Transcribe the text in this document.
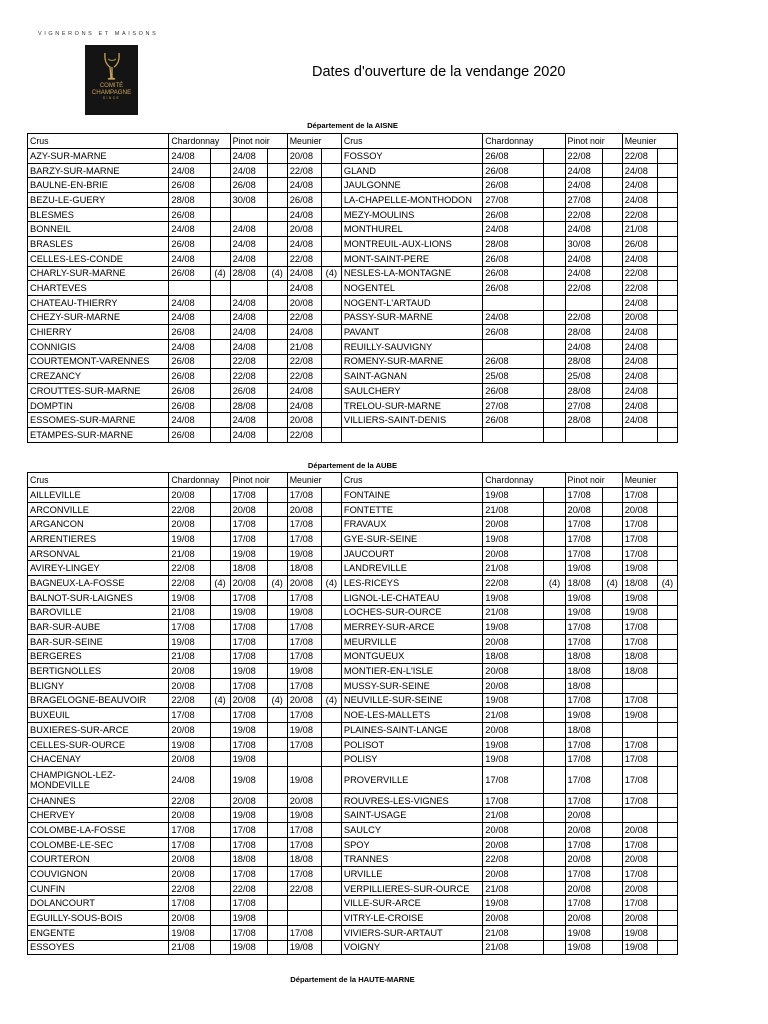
VIGNERONS ET MAISONS
COMITÉ
CHAMPAGNE
SINCE
Dates d'ouverture de la vendange 2020
Département de la AISNE
Crus	Chardonnay		Pinot noir		Meunier		Crus	Chardonnay		Pinot noir		Meunier	
AZY-SUR-MARNE	24/08		24/08		20/08		FOSSOY	26/08		22/08		22/08	
BARZY-SUR-MARNE	24/08		24/08		22/08		GLAND	26/08		24/08		24/08	
BAULNE-EN-BRIE	26/08		26/08		24/08		JAULGONNE	26/08		24/08		24/08	
BEZU-LE-GUERY	28/08		30/08		26/08		LA-CHAPELLE-MONTHODON	27/08		27/08		24/08	
BLESMES	26/08				24/08		MEZY-MOULINS	26/08		22/08		22/08	
BONNEIL	24/08		24/08		20/08		MONTHUREL	24/08		24/08		21/08	
BRASLES	26/08		24/08		24/08		MONTREUIL-AUX-LIONS	28/08		30/08		26/08	
CELLES-LES-CONDE	24/08		24/08		22/08		MONT-SAINT-PERE	26/08		24/08		24/08	
CHARLY-SUR-MARNE	26/08	(4)	28/08	(4)	24/08	(4)	NESLES-LA-MONTAGNE	26/08		24/08		22/08	
CHARTEVES					24/08		NOGENTEL	26/08		22/08		22/08	
CHATEAU-THIERRY	24/08		24/08		20/08		NOGENT-L'ARTAUD					24/08	
CHEZY-SUR-MARNE	24/08		24/08		22/08		PASSY-SUR-MARNE	24/08		22/08		20/08	
CHIERRY	26/08		24/08		24/08		PAVANT	26/08		28/08		24/08	
CONNIGIS	24/08		24/08		21/08		REUILLY-SAUVIGNY			24/08		24/08	
COURTEMONT-VARENNES	26/08		22/08		22/08		ROMENY-SUR-MARNE	26/08		28/08		24/08	
CREZANCY	26/08		22/08		22/08		SAINT-AGNAN	25/08		25/08		24/08	
CROUTTES-SUR-MARNE	26/08		26/08		24/08		SAULCHERY	26/08		28/08		24/08	
DOMPTIN	26/08		28/08		24/08		TRELOU-SUR-MARNE	27/08		27/08		24/08	
ESSOMES-SUR-MARNE	24/08		24/08		20/08		VILLIERS-SAINT-DENIS	26/08		28/08		24/08	
ETAMPES-SUR-MARNE	26/08		24/08		22/08								
Département de la AUBE
Crus	Chardonnay		Pinot noir		Meunier		Crus	Chardonnay		Pinot noir		Meunier	
AILLEVILLE	20/08		17/08		17/08		FONTAINE	19/08		17/08		17/08	
ARCONVILLE	22/08		20/08		20/08		FONTETTE	21/08		20/08		20/08	
ARGANCON	20/08		17/08		17/08		FRAVAUX	20/08		17/08		17/08	
ARRENTIERES	19/08		17/08		17/08		GYE-SUR-SEINE	19/08		17/08		17/08	
ARSONVAL	21/08		19/08		19/08		JAUCOURT	20/08		17/08		17/08	
AVIREY-LINGEY	22/08		18/08		18/08		LANDREVILLE	21/08		19/08		19/08	
BAGNEUX-LA-FOSSE	22/08	(4)	20/08	(4)	20/08	(4)	LES-RICEYS	22/08	(4)	18/08	(4)	18/08	(4)
BALNOT-SUR-LAIGNES	19/08		17/08		17/08		LIGNOL-LE-CHATEAU	19/08		19/08		19/08	
BAROVILLE	21/08		19/08		19/08		LOCHES-SUR-OURCE	21/08		19/08		19/08	
BAR-SUR-AUBE	17/08		17/08		17/08		MERREY-SUR-ARCE	19/08		17/08		17/08	
BAR-SUR-SEINE	19/08		17/08		17/08		MEURVILLE	20/08		17/08		17/08	
BERGERES	21/08		17/08		17/08		MONTGUEUX	18/08		18/08		18/08	
BERTIGNOLLES	20/08		19/08		19/08		MONTIER-EN-L'ISLE	20/08		18/08		18/08	
BLIGNY	20/08		17/08		17/08		MUSSY-SUR-SEINE	20/08		18/08			
BRAGELOGNE-BEAUVOIR	22/08	(4)	20/08	(4)	20/08	(4)	NEUVILLE-SUR-SEINE	19/08		17/08		17/08	
BUXEUIL	17/08		17/08		17/08		NOE-LES-MALLETS	21/08		19/08		19/08	
BUXIERES-SUR-ARCE	20/08		19/08		19/08		PLAINES-SAINT-LANGE	20/08		18/08			
CELLES-SUR-OURCE	19/08		17/08		17/08		POLISOT	19/08		17/08		17/08	
CHACENAY	20/08		19/08				POLISY	19/08		17/08		17/08	
CHAMPIGNOL-LEZ-MONDEVILLE	24/08		19/08		19/08		PROVERVILLE	17/08		17/08		17/08	
CHANNES	22/08		20/08		20/08		ROUVRES-LES-VIGNES	17/08		17/08		17/08	
CHERVEY	20/08		19/08		19/08		SAINT-USAGE	21/08		20/08			
COLOMBE-LA-FOSSE	17/08		17/08		17/08		SAULCY	20/08		20/08		20/08	
COLOMBE-LE-SEC	17/08		17/08		17/08		SPOY	20/08		17/08		17/08	
COURTERON	20/08		18/08		18/08		TRANNES	22/08		20/08		20/08	
COUVIGNON	20/08		17/08		17/08		URVILLE	20/08		17/08		17/08	
CUNFIN	22/08		22/08		22/08		VERPILLIERES-SUR-OURCE	21/08		20/08		20/08	
DOLANCOURT	17/08		17/08				VILLE-SUR-ARCE	19/08		17/08		17/08	
EGUILLY-SOUS-BOIS	20/08		19/08				VITRY-LE-CROISE	20/08		20/08		20/08	
ENGENTE	19/08		17/08		17/08		VIVIERS-SUR-ARTAUT	21/08		19/08		19/08	
ESSOYES	21/08		19/08		19/08		VOIGNY	21/08		19/08		19/08	
Département de la HAUTE-MARNE
